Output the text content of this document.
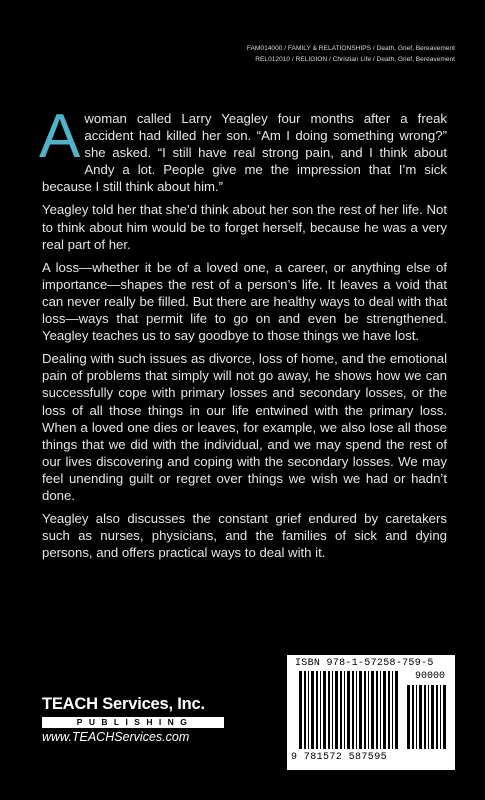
FAM014000 / FAMILY & RELATIONSHIPS / Death, Grief, Bereavement
REL012010 / RELIGION / Christian Life / Death, Grief, Bereavement

Awoman called Larry Yeagley four months after a freak accident had killed her son. “Am I doing something wrong?” she asked. “I still have real strong pain, and I think about Andy a lot. People give me the impression that I’m sick because I still think about him.”

Yeagley told her that she’d think about her son the rest of her life. Not to think about him would be to forget herself, because he was a very real part of her.

A loss—whether it be of a loved one, a career, or anything else of importance—shapes the rest of a person’s life. It leaves a void that can never really be filled. But there are healthy ways to deal with that loss—ways that permit life to go on and even be strengthened. Yeagley teaches us to say goodbye to those things we have lost.

Dealing with such issues as divorce, loss of home, and the emotional pain of problems that simply will not go away, he shows how we can successfully cope with primary losses and secondary losses, or the loss of all those things in our life entwined with the primary loss. When a loved one dies or leaves, for example, we also lose all those things that we did with the individual, and we may spend the rest of our lives discovering and coping with the secondary losses. We may feel unending guilt or regret over things we wish we had or hadn’t done.

Yeagley also discusses the constant grief endured by caretakers such as nurses, physicians, and the families of sick and dying persons, and offers practical ways to deal with it.

ISBN 978-1-57258-759-5
90000
9 781572 587595
TEACH Services, Inc.
PUBLISHING
www.TEACHServices.com
